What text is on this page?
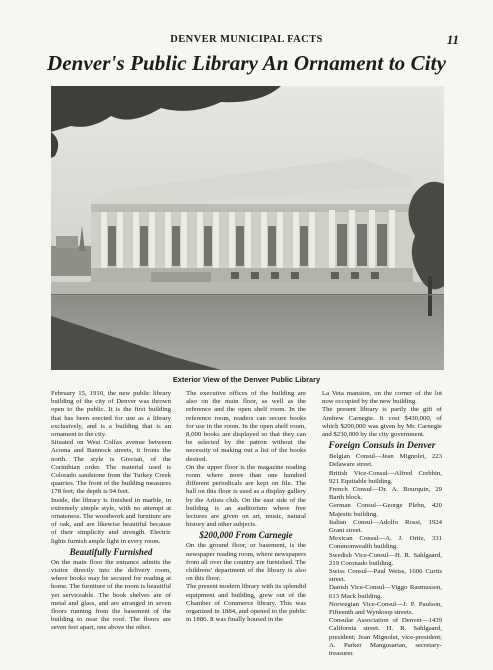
DENVER MUNICIPAL FACTS	11
Denver's Public Library An Ornament to City
Exterior View of the Denver Public Library

February 15, 1910, the new public library building of the city of Denver was thrown open to the public. It is the first building that has been erected for use as a library exclusively, and is a building that is an ornament to the city.

Situated on West Colfax avenue between Acoma and Bannock streets, it fronts the north. The style is Grecian, of the Corinthian order. The material used is Colorado sandstone from the Turkey Creek quarries. The front of the building measures 178 feet; the depth is 94 feet.

Inside, the library is finished in marble, in extremely simple style, with no attempt at ornateness. The woodwork and furniture are of oak, and are likewise beautiful because of their simplicity and strength. Electric lights furnish ample light in every room.

Beautifully Furnished

On the main floor the entrance admits the visitor directly into the delivery room, where books may be secured for reading at home. The furniture of the room is beautiful yet serviceable. The book shelves are of metal and glass, and are arranged in seven floors running from the basement of the building to near the roof. The floors are seven feet apart, one above the other.

The executive offices of the building are also on the main floor, as well as the reference and the open shelf room. In the reference room, readers can secure books for use in the room. In the open shelf room, 8,000 books are displayed so that they can be selected by the patron without the necessity of making out a list of the books desired.

On the upper floor is the magazine reading room where more than one hundred different periodicals are kept on file. The hall on this floor is used as a display gallery by the Artists club. On the east side of the building is an auditorium where free lectures are given on art, music, natural history and other subjects.

$200,000 From Carnegie

On the ground floor, or basement, is the newspaper reading room, where newspapers from all over the country are furnished. The childrens' department of the library is also on this floor.

The present modern library with its splendid equipment and building, grew out of the Chamber of Commerce library. This was organized in 1884, and opened to the public in 1886. It was finally housed in the

La Veta mansion, on the corner of the lot now occupied by the new building.

The present library is partly the gift of Andrew Carnegie. It cost $430,000, of which $200,000 was given by Mr. Carnegie and $230,000 by the city government.

Foreign Consuls in Denver

Belgian Consul—Jean Mignolet, 223 Delaware street.

British Vice-Consul—Alfred Crebbin, 921 Equitable building.

French Consul—Dr. A. Bourquin, 29 Barth block.

German Consul—George Plehn, 420 Majestic building.

Italian Consul—Adolfo Rossi, 1924 Grant street.

Mexican Consul—A. J. Ortiz, 331 Commonwealth building.

Swedish Vice-Consul—H. R. Sahlgaard, 219 Coronado building.

Swiss Consul—Paul Weiss, 1606 Curtis street.

Danish Vice-Consul—Viggo Rasmussen, 613 Mack building.

Norwegian Vice-Consul—J. P. Paulson, Fifteenth and Wynkoop streets.

Consular Association of Denver—1439 California street. H. R. Sahlgaard, president; Jean Mignolet, vice-president; A. Parker Mangusarian, secretary-treasurer.
